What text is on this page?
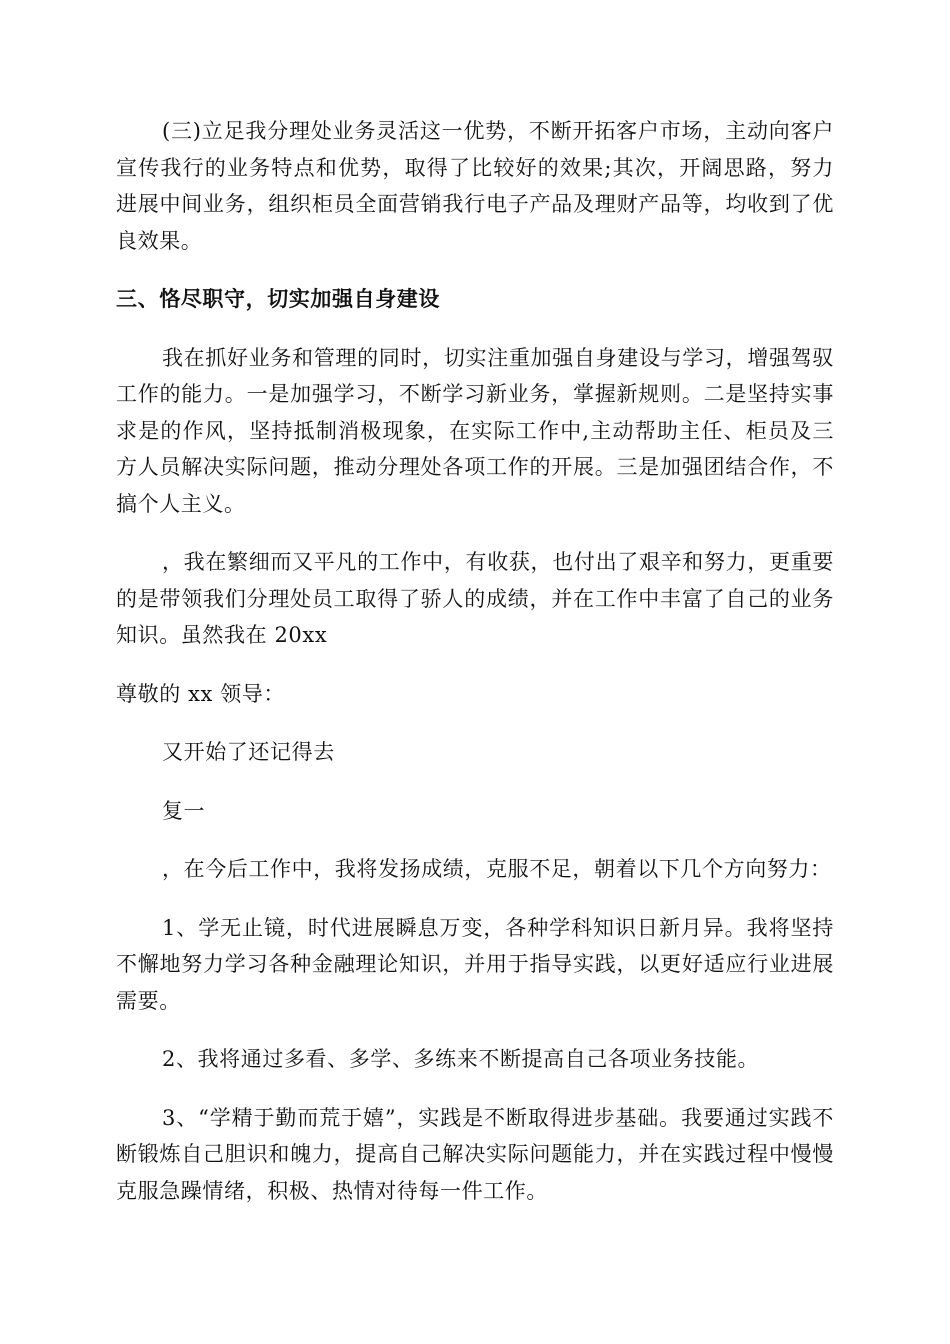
(三)立足我分理处业务灵活这一优势，不断开拓客户市场，主动向客户宣传我行的业务特点和优势，取得了比较好的效果;其次，开阔思路，努力进展中间业务，组织柜员全面营销我行电子产品及理财产品等，均收到了优良效果。

三、恪尽职守，切实加强自身建设

我在抓好业务和管理的同时，切实注重加强自身建设与学习，增强驾驭工作的能力。一是加强学习，不断学习新业务，掌握新规则。二是坚持实事求是的作风，坚持抵制消极现象，在实际工作中,主动帮助主任、柜员及三方人员解决实际问题，推动分理处各项工作的开展。三是加强团结合作，不搞个人主义。

，我在繁细而又平凡的工作中，有收获，也付出了艰辛和努力，更重要的是带领我们分理处员工取得了骄人的成绩，并在工作中丰富了自己的业务知识。虽然我在 20xx

尊敬的 xx 领导：

又开始了还记得去

复一

，在今后工作中，我将发扬成绩，克服不足，朝着以下几个方向努力：

1、学无止镜，时代进展瞬息万变，各种学科知识日新月异。我将坚持不懈地努力学习各种金融理论知识，并用于指导实践，以更好适应行业进展需要。

2、我将通过多看、多学、多练来不断提高自己各项业务技能。

3、“学精于勤而荒于嬉”，实践是不断取得进步基础。我要通过实践不断锻炼自己胆识和魄力，提高自己解决实际问题能力，并在实践过程中慢慢克服急躁情绪，积极、热情对待每一件工作。
